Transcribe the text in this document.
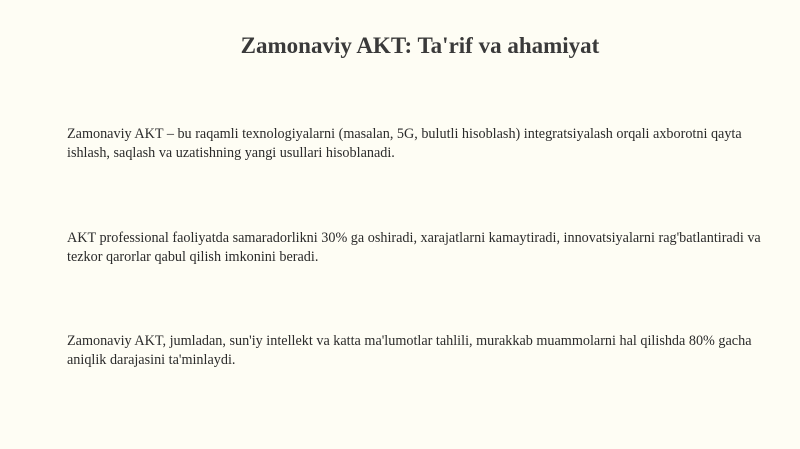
Zamonaviy AKT: Ta'rif va ahamiyat

Zamonaviy AKT – bu raqamli texnologiyalarni (masalan, 5G, bulutli hisoblash) integratsiyalash orqali axborotni qayta ishlash, saqlash va uzatishning yangi usullari hisoblanadi.

AKT professional faoliyatda samaradorlikni 30% ga oshiradi, xarajatlarni kamaytiradi, innovatsiyalarni rag'batlantiradi va tezkor qarorlar qabul qilish imkonini beradi.

Zamonaviy AKT, jumladan, sun'iy intellekt va katta ma'lumotlar tahlili, murakkab muammolarni hal qilishda 80% gacha aniqlik darajasini ta'minlaydi.
